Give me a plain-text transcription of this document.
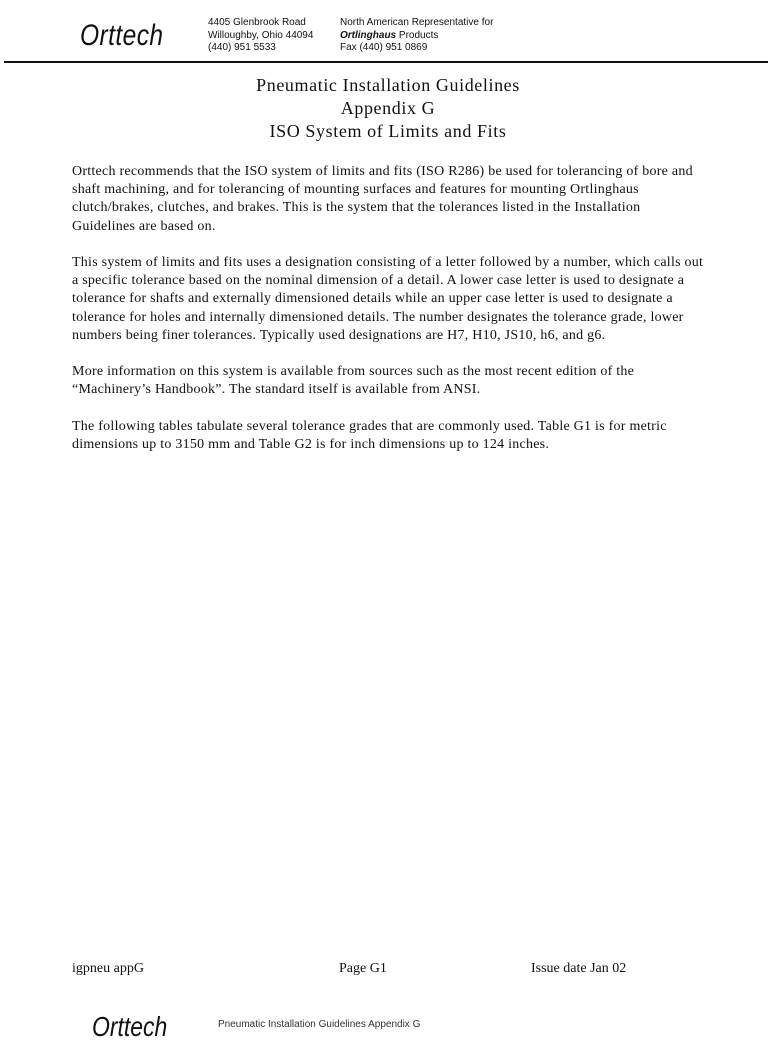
Orttech	4405 Glenbrook Road
Willoughby, Ohio 44094
(440) 951 5533
North American Representative for
Ortlinghaus Products
Fax (440) 951 0869
Pneumatic Installation Guidelines
Appendix G
ISO System of Limits and Fits

Orttech recommends that the ISO system of limits and fits (ISO R286) be used for tolerancing of bore and shaft machining, and for tolerancing of mounting surfaces and features for mounting Ortlinghaus clutch/brakes, clutches, and brakes. This is the system that the tolerances listed in the Installation Guidelines are based on.

This system of limits and fits uses a designation consisting of a letter followed by a number, which calls out a specific tolerance based on the nominal dimension of a detail. A lower case letter is used to designate a tolerance for shafts and externally dimensioned details while an upper case letter is used to designate a tolerance for holes and internally dimensioned details. The number designates the tolerance grade, lower numbers being finer tolerances. Typically used designations are H7, H10, JS10, h6, and g6.

More information on this system is available from sources such as the most recent edition of the “Machinery’s Handbook”. The standard itself is available from ANSI.

The following tables tabulate several tolerance grades that are commonly used. Table G1 is for metric dimensions up to 3150 mm and Table G2 is for inch dimensions up to 124 inches.

igpneu appG	Page G1	Issue date Jan 02
Orttech	Pneumatic Installation Guidelines Appendix G
